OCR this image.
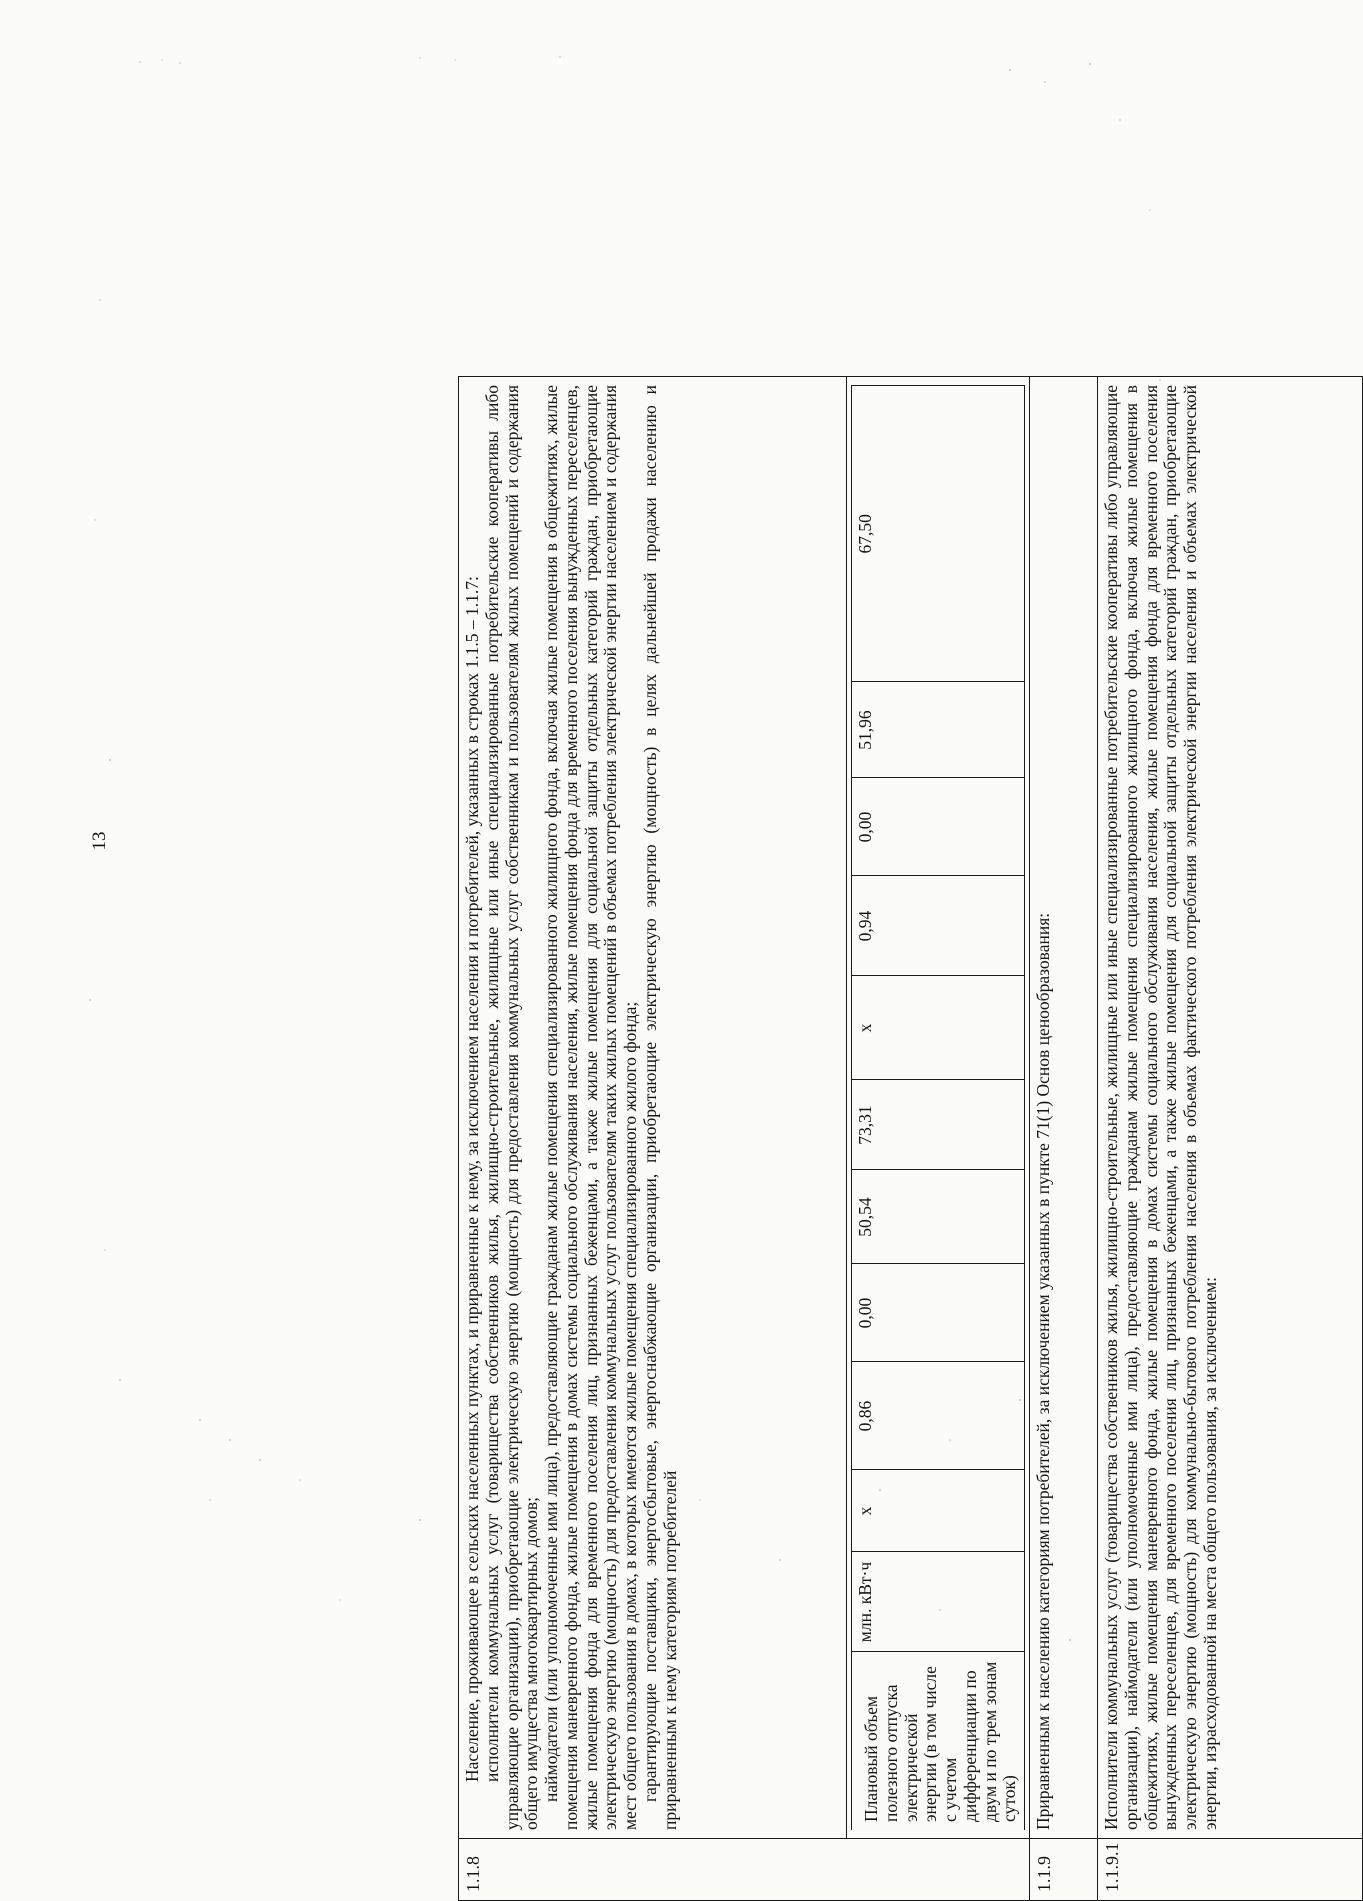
13
1.1.8	

Население, проживающее в сельских населенных пунктах, и приравненные к нему, за исключением населения и потребителей, указанных в строках 1.1.5 – 1.1.7: исполнители коммунальных услуг (товарищества собственников жилья, жилищно-строительные, жилищные или иные специализированные потребительские кооперативы либо управляющие организации), приобретающие электрическую энергию (мощность) для предоставления коммунальных услуг собственникам и пользователям жилых помещений и содержания общего имущества многоквартирных домов; наймодатели (или уполномоченные ими лица), предоставляющие гражданам жилые помещения специализированного жилищного фонда, включая жилые помещения в общежитиях, жилые помещения маневренного фонда, жилые помещения в домах системы социального обслуживания населения, жилые помещения фонда для временного поселения вынужденных переселенцев, жилые помещения фонда для временного поселения лиц, признанных беженцами, а также жилые помещения для социальной защиты отдельных категорий граждан, приобретающие электрическую энергию (мощность) для предоставления коммунальных услуг пользователям таких жилых помещений в объемах потребления электрической энергии населением и содержания мест общего пользования в домах, в которых имеются жилые помещения специализированного жилого фонда; гарантирующие поставщики, энергосбытовые, энергоснабжающие организации, приобретающие электрическую энергию (мощность) в целях дальнейшей продажи населению и приравненным к нему категориям потребителей	Плановый объем полезного отпуска электрической энергии (в том числе с учетом дифференциации по двум и по трем зонам суток)	млн. кВт·ч	х	0,86	0,00	50,54	73,31	х	0,94	0,00	51,96	67,50

1.1.9	

Приравненным к населению категориям потребителей, за исключением указанных в пункте 71(1) Основ ценообразования:

1.1.9.1	

Исполнители коммунальных услуг (товарищества собственников жилья, жилищно-строительные, жилищные или иные специализированные потребительские кооперативы либо управляющие организации), наймодатели (или уполномоченные ими лица), предоставляющие гражданам жилые помещения специализированного жилищного фонда, включая жилые помещения в общежитиях, жилые помещения маневренного фонда, жилые помещения в домах системы социального обслуживания населения, жилые помещения фонда для временного поселения вынужденных переселенцев, для временного поселения лиц, признанных беженцами, а также жилые помещения для социальной защиты отдельных категорий граждан, приобретающие электрическую энергию (мощность) для коммунально-бытового потребления населения в объемах фактического потребления электрической энергии населения и объемах электрической энергии, израсходованной на места общего пользования, за исключением:
